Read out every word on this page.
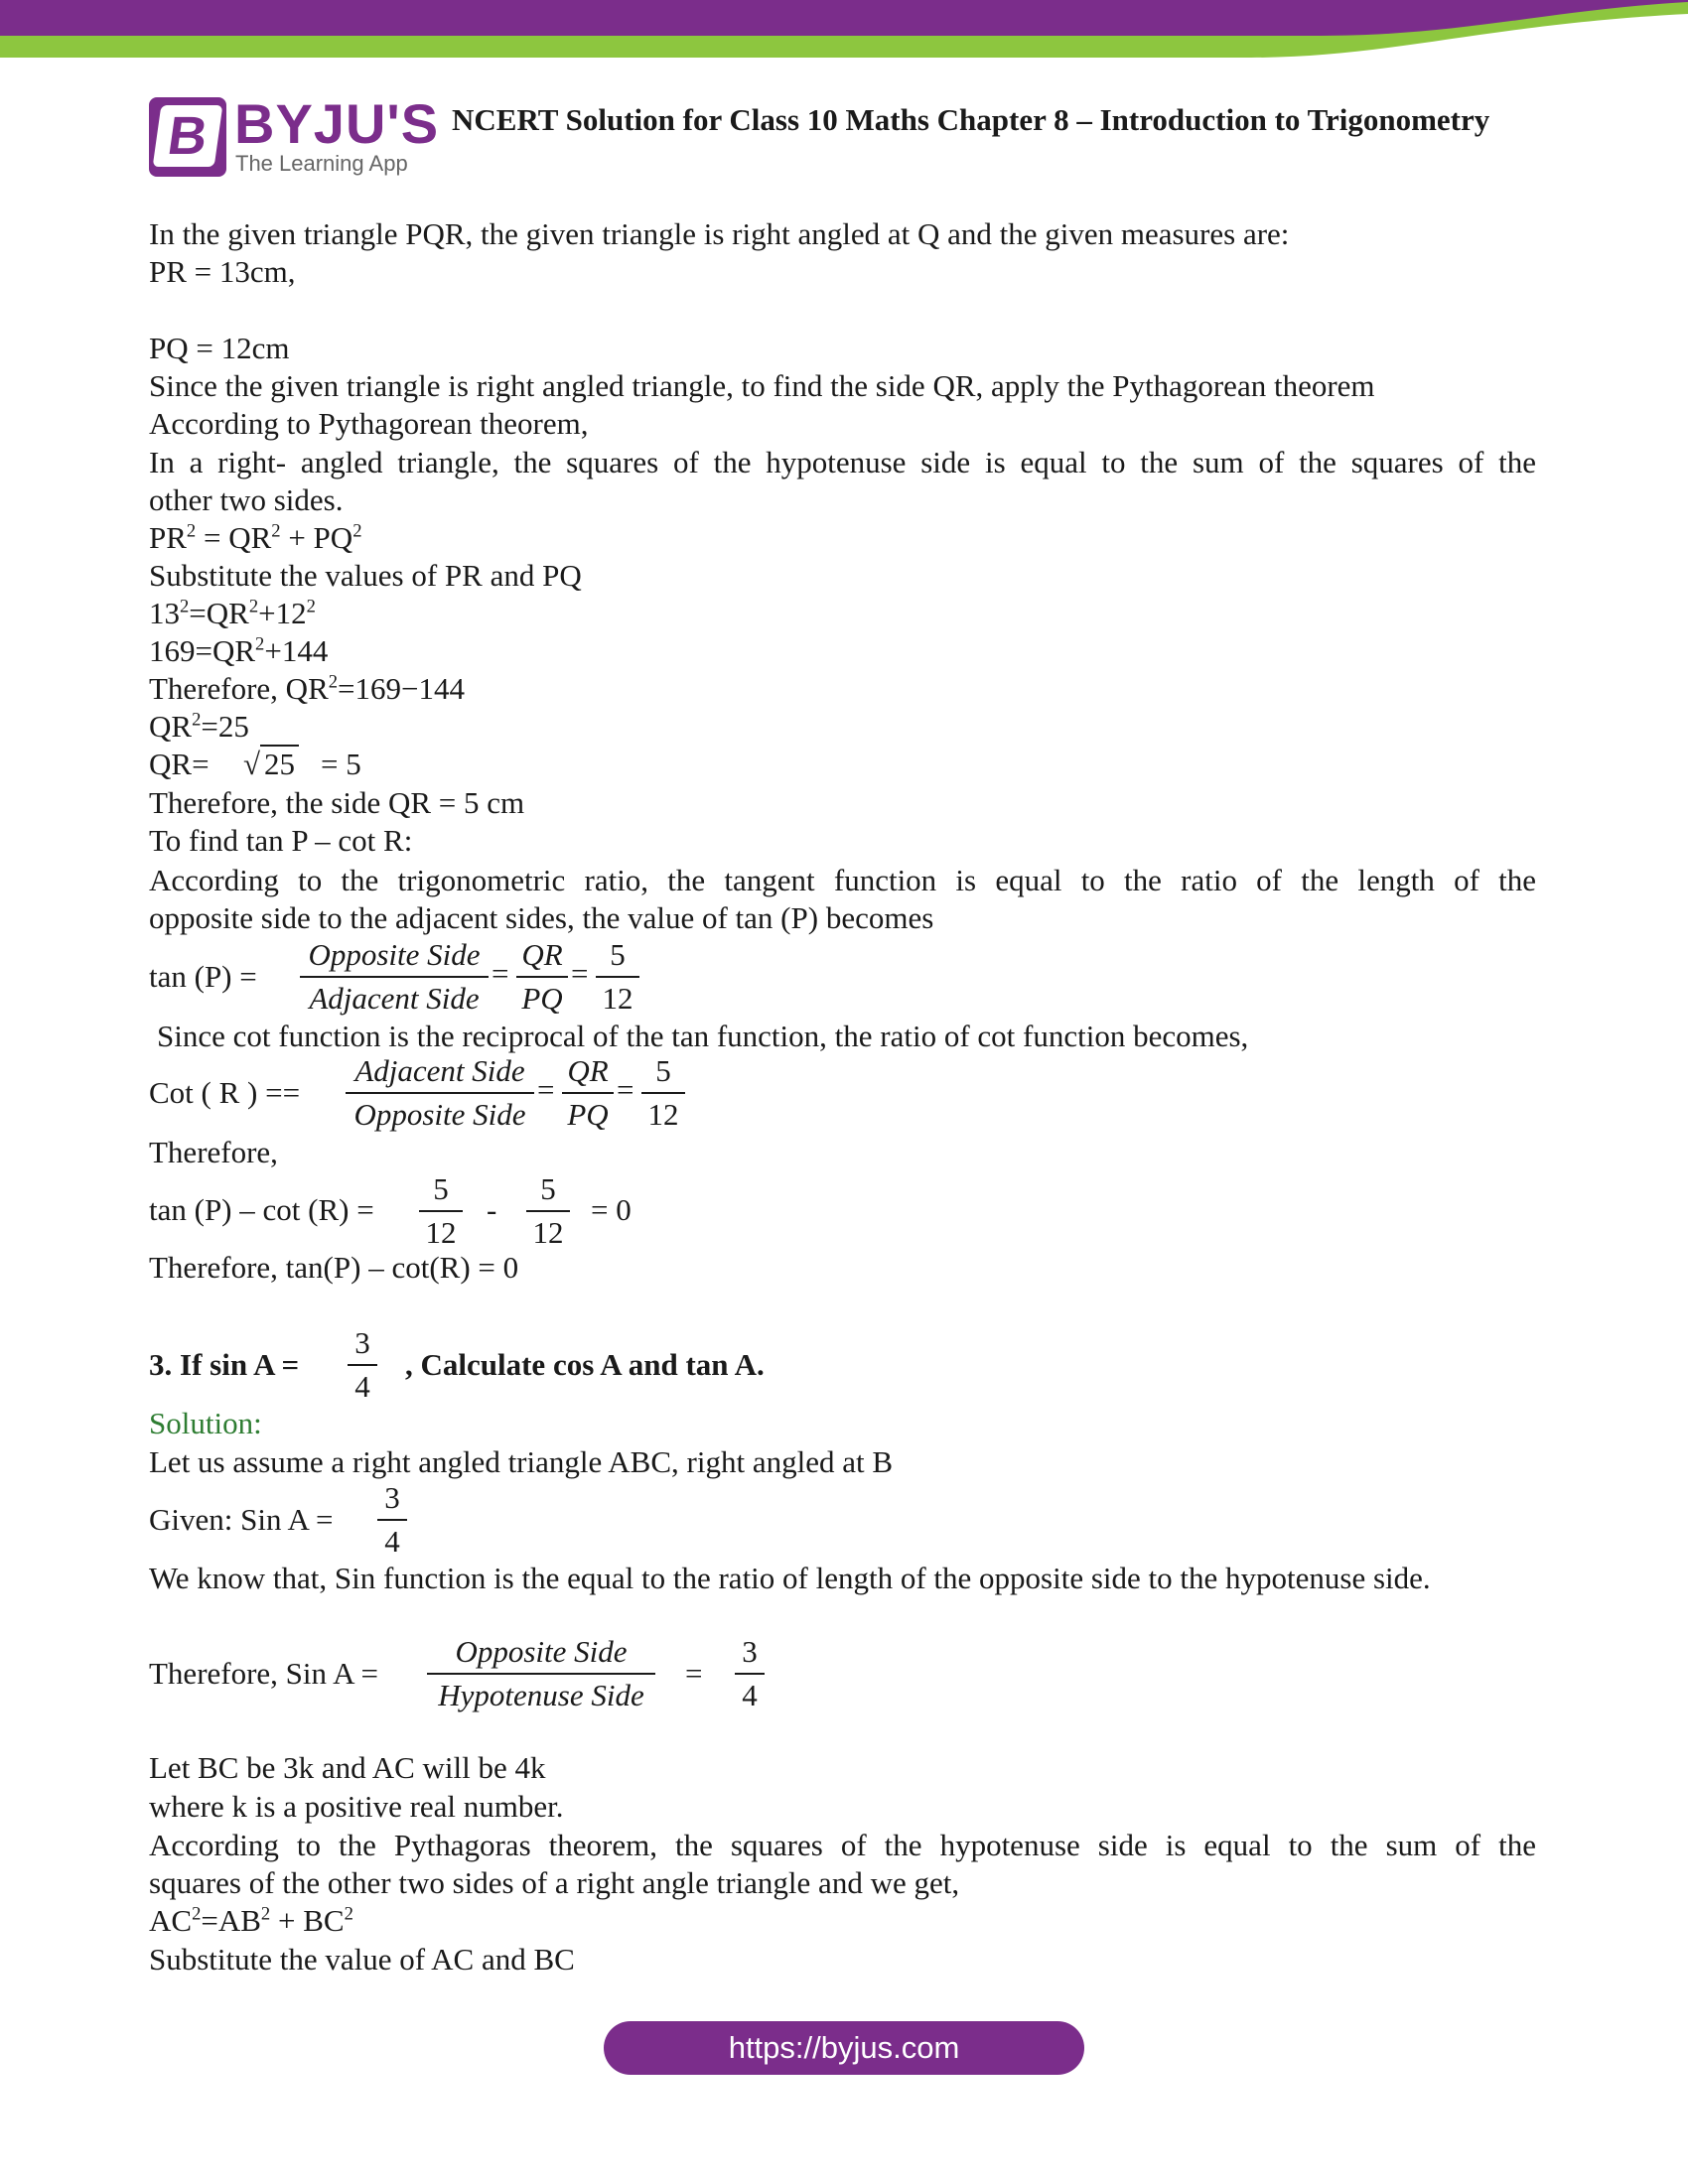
B BYJU'S
The Learning App
NCERT Solution for Class 10 Maths Chapter 8 – Introduction to Trigonometry
In the given triangle PQR, the given triangle is right angled at Q and the given measures are:
PR = 13cm,
PQ = 12cm
Since the given triangle is right angled triangle, to find the side QR, apply the Pythagorean theorem
According to Pythagorean theorem,
In a right- angled triangle, the squares of the hypotenuse side is equal to the sum of the squares of the
other two sides.
$PR^2 = QR^2 + PQ^2$
Substitute the values of PR and PQ
$13^2=QR^2+12^2$
$169=QR^2+144$
Therefore, $QR^2=169-144$
$QR^2=25$
QR= √ 25 = 5
Therefore, the side QR = 5 cm
To find tan P – cot R:
According to the trigonometric ratio, the tangent function is equal to the ratio of the length of the
opposite side to the adjacent sides, the value of tan (P) becomes
tan (P) =
Opposite Side
Adjacent Side
= $\frac{QR}{PQ} = \frac{5}{12}$
Since cot function is the reciprocal of the tan function, the ratio of cot function becomes,
Cot ( R ) ==
Adjacent Side
Opposite Side
= $\frac{QR}{PQ} = \frac{5}{12}$
Therefore,
$\tan (P) - \cot (R) = \frac{5}{12} - \frac{5}{12} = 0$
Therefore, tan(P) – cot(R) = 0
3. If $\sin A = \frac{3}{4}$ , Calculate cos A and tan A.
Solution:
Let us assume a right angled triangle ABC, right angled at B
Given: Sin $A = \frac{3}{4}$
We know that, Sin function is the equal to the ratio of length of the opposite side to the hypotenuse side.
Therefore, Sin A =
Opposite Side
Hypotenuse Side
= $\frac{3}{4}$
Let BC be 3k and AC will be 4k
where k is a positive real number.
According to the Pythagoras theorem, the squares of the hypotenuse side is equal to the sum of the
squares of the other two sides of a right angle triangle and we get,
$AC^2=AB^2 + BC^2$
Substitute the value of AC and BC
https://byjus.com
